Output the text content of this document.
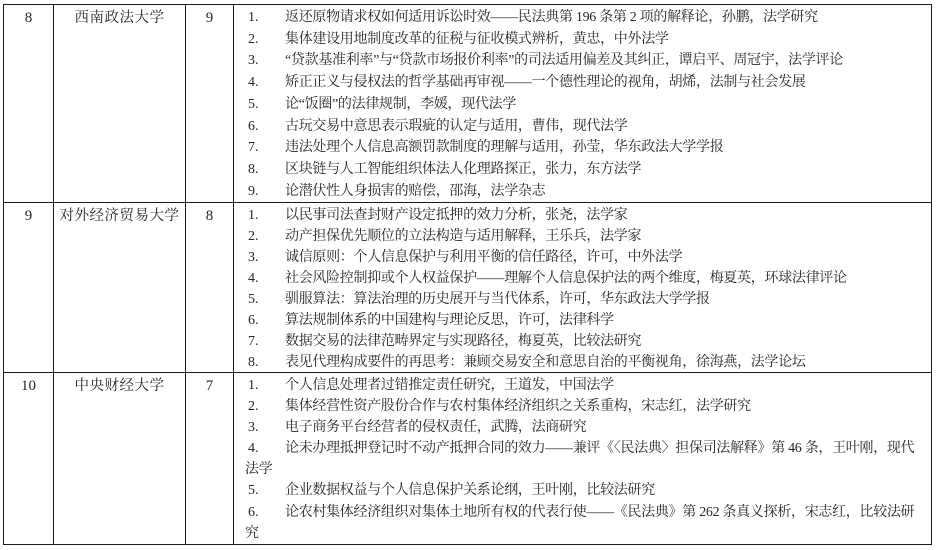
8	西南政法大学	9	1. 返还原物请求权如何适用诉讼时效——民法典第 196 条第 2 项的解释论，孙鹏，法学研究
2. 集体建设用地制度改革的征税与征收模式辨析，黄忠，中外法学
3. “贷款基准利率”与“贷款市场报价利率”的司法适用偏差及其纠正，谭启平、周冠宇，法学评论
4. 矫正正义与侵权法的哲学基础再审视——一个德性理论的视角，胡烯，法制与社会发展
5. 论“饭圈”的法律规制，李媛，现代法学
6. 古玩交易中意思表示瑕疵的认定与适用，曹伟，现代法学
7. 违法处理个人信息高额罚款制度的理解与适用，孙莹，华东政法大学学报
8. 区块链与人工智能组织体法人化理路探正，张力，东方法学
9. 论潜伏性人身损害的赔偿，邵海，法学杂志
9	对外经济贸易大学	8	1. 以民事司法查封财产设定抵押的效力分析，张尧，法学家
2. 动产担保优先顺位的立法构造与适用解释，王乐兵，法学家
3. 诚信原则：个人信息保护与利用平衡的信任路径，许可，中外法学
4. 社会风险控制抑或个人权益保护——理解个人信息保护法的两个维度，梅夏英，环球法律评论
5. 驯服算法：算法治理的历史展开与当代体系，许可，华东政法大学学报
6. 算法规制体系的中国建构与理论反思，许可，法律科学
7. 数据交易的法律范畴界定与实现路径，梅夏英，比较法研究
8. 表见代理构成要件的再思考：兼顾交易安全和意思自治的平衡视角，徐海燕，法学论坛
10	中央财经大学	7	1. 个人信息处理者过错推定责任研究，王道发，中国法学
2. 集体经营性资产股份合作与农村集体经济组织之关系重构，宋志红，法学研究
3. 电子商务平台经营者的侵权责任，武腾，法商研究
4. 论未办理抵押登记时不动产抵押合同的效力——兼评《〈民法典〉担保司法解释》第 46 条，王叶刚，现代
法学
5. 企业数据权益与个人信息保护关系论纲，王叶刚，比较法研究
6. 论农村集体经济组织对集体土地所有权的代表行使——《民法典》第 262 条真义探析，宋志红，比较法研
究
